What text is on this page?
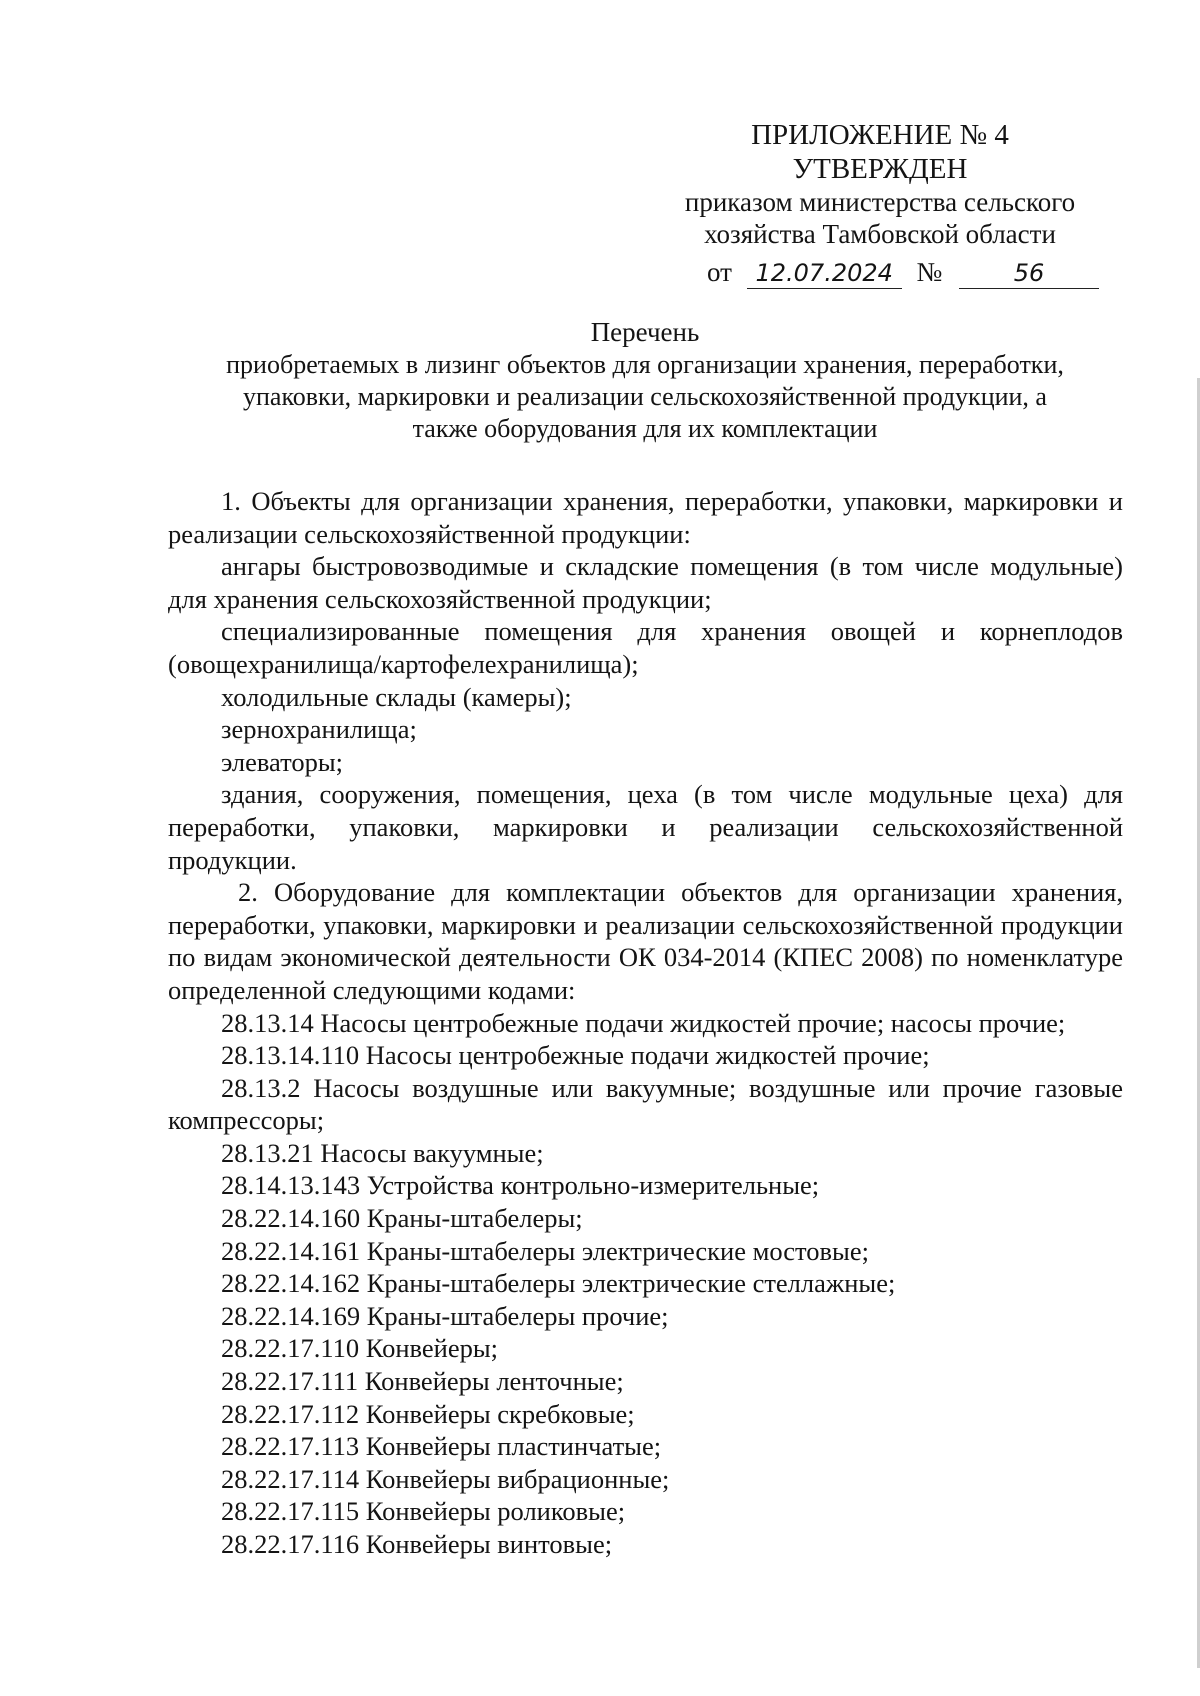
ПРИЛОЖЕНИЕ № 4
УТВЕРЖДЕН
приказом министерства сельского
хозяйства Тамбовской области
от 12.07.2024 №	56
Перечень
приобретаемых в лизинг объектов для организации хранения, переработки,
упаковки, маркировки и реализации сельскохозяйственной продукции, а
также оборудования для их комплектации

1. Объекты для организации хранения, переработки, упаковки, маркировки и реализации сельскохозяйственной продукции:

ангары быстровозводимые и складские помещения (в том числе модульные) для хранения сельскохозяйственной продукции;

специализированные помещения для хранения овощей и корнеплодов (овощехранилища/картофелехранилища);

холодильные склады (камеры);

зернохранилища;

элеваторы;

здания, сооружения, помещения, цеха (в том числе модульные цеха) для переработки, упаковки, маркировки и реализации сельскохозяйственной продукции.

2. Оборудование для комплектации объектов для организации хранения, переработки, упаковки, маркировки и реализации сельскохозяйственной продукции по видам экономической деятельности ОК 034-2014 (КПЕС 2008) по номенклатуре определенной следующими кодами:

28.13.14 Насосы центробежные подачи жидкостей прочие; насосы прочие;

28.13.14.110 Насосы центробежные подачи жидкостей прочие;

28.13.2 Насосы воздушные или вакуумные; воздушные или прочие газовые компрессоры;

28.13.21 Насосы вакуумные;

28.14.13.143 Устройства контрольно-измерительные;

28.22.14.160 Краны-штабелеры;

28.22.14.161 Краны-штабелеры электрические мостовые;

28.22.14.162 Краны-штабелеры электрические стеллажные;

28.22.14.169 Краны-штабелеры прочие;

28.22.17.110 Конвейеры;

28.22.17.111 Конвейеры ленточные;

28.22.17.112 Конвейеры скребковые;

28.22.17.113 Конвейеры пластинчатые;

28.22.17.114 Конвейеры вибрационные;

28.22.17.115 Конвейеры роликовые;

28.22.17.116 Конвейеры винтовые;
